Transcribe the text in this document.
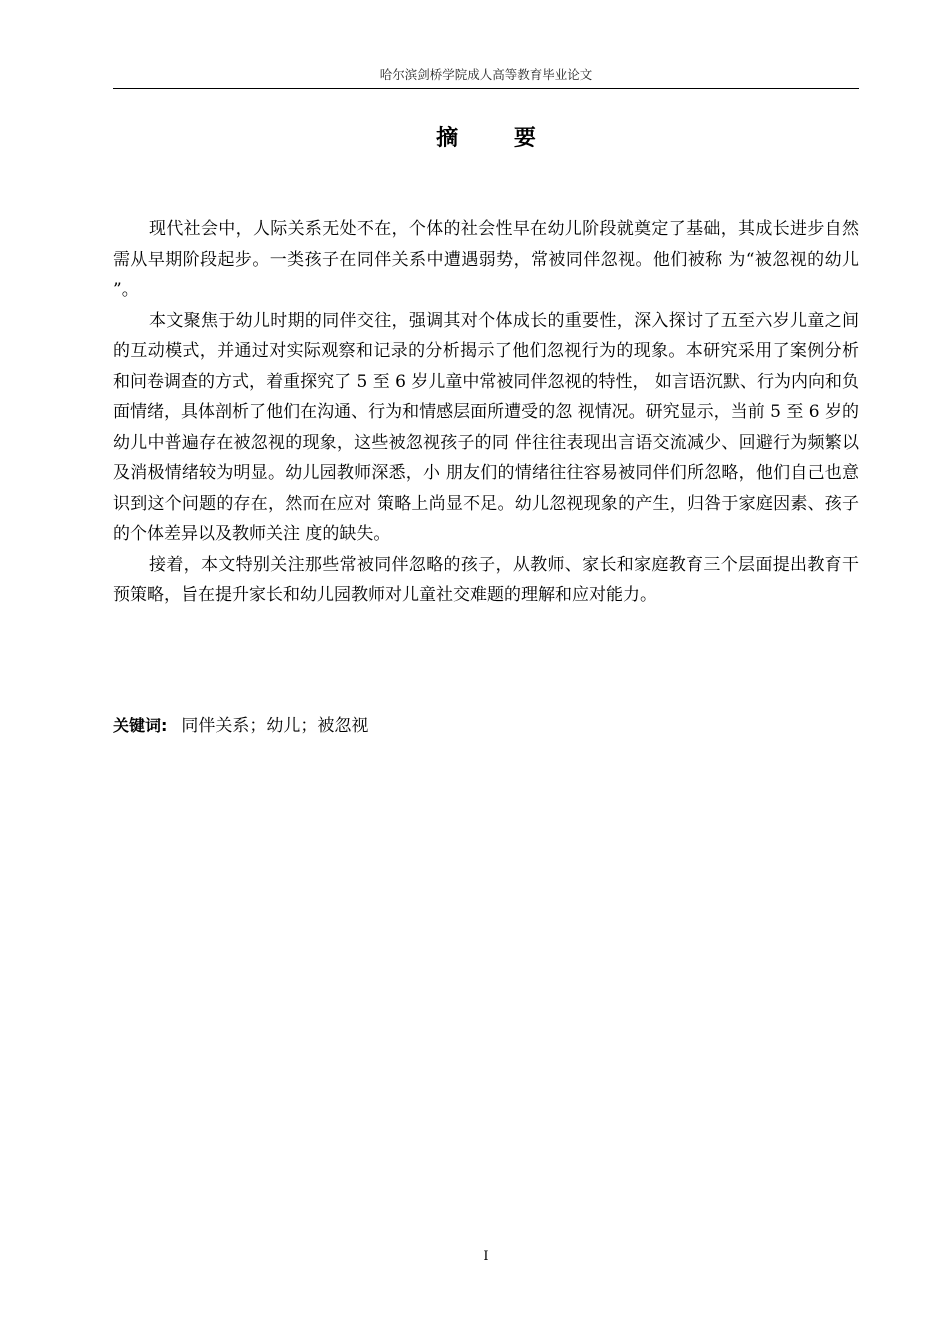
哈尔滨剑桥学院成人高等教育毕业论文
摘 要

现代社会中，人际关系无处不在，个体的社会性早在幼儿阶段就奠定了基础，其成长进步自然需从早期阶段起步。一类孩子在同伴关系中遭遇弱势，常被同伴忽视。他们被称 为“被忽视的幼儿 ”。

本文聚焦于幼儿时期的同伴交往，强调其对个体成长的重要性，深入探讨了五至六岁儿童之间的互动模式，并通过对实际观察和记录的分析揭示了他们忽视行为的现象。本研究采用了案例分析和问卷调查的方式，着重探究了 5 至 6 岁儿童中常被同伴忽视的特性， 如言语沉默、行为内向和负面情绪，具体剖析了他们在沟通、行为和情感层面所遭受的忽 视情况。研究显示，当前 5 至 6 岁的幼儿中普遍存在被忽视的现象，这些被忽视孩子的同 伴往往表现出言语交流减少、回避行为频繁以及消极情绪较为明显。幼儿园教师深悉，小 朋友们的情绪往往容易被同伴们所忽略，他们自己也意识到这个问题的存在，然而在应对 策略上尚显不足。幼儿忽视现象的产生，归咎于家庭因素、孩子的个体差异以及教师关注 度的缺失。

接着，本文特别关注那些常被同伴忽略的孩子，从教师、家长和家庭教育三个层面提出教育干预策略，旨在提升家长和幼儿园教师对儿童社交难题的理解和应对能力。

关键词: 同伴关系；幼儿；被忽视
I
